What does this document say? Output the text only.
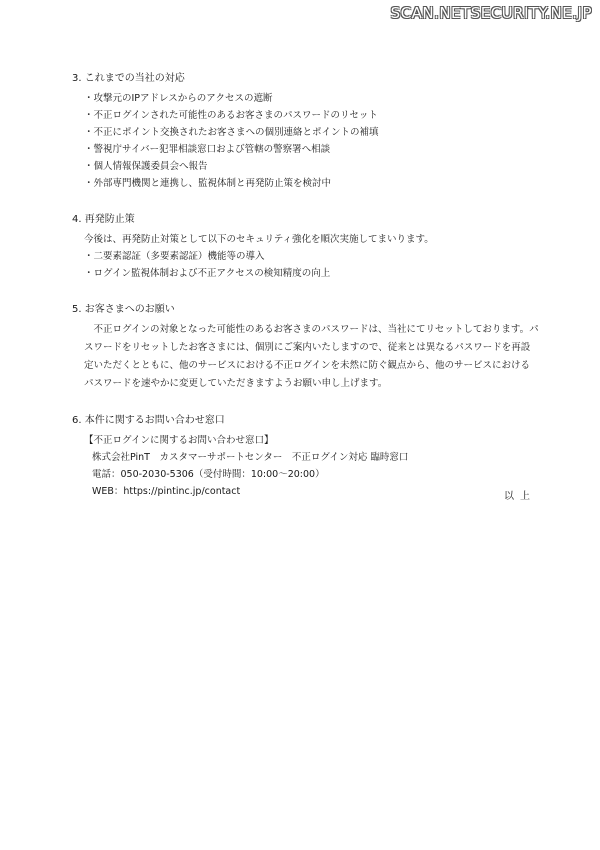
SCAN.NETSECURITY.NE.JP
3. これまでの当社の対応
・攻撃元のIPアドレスからのアクセスの遮断
・不正ログインされた可能性のあるお客さまのパスワードのリセット
・不正にポイント交換されたお客さまへの個別連絡とポイントの補填
・警視庁サイバー犯罪相談窓口および管轄の警察署へ相談
・個人情報保護委員会へ報告
・外部専門機関と連携し、監視体制と再発防止策を検討中
4. 再発防止策
今後は、再発防止対策として以下のセキュリティ強化を順次実施してまいります。
・二要素認証（多要素認証）機能等の導入
・ログイン監視体制および不正アクセスの検知精度の向上
5. お客さまへのお願い
　不正ログインの対象となった可能性のあるお客さまのパスワードは、当社にてリセットしております。パ
スワードをリセットしたお客さまには、個別にご案内いたしますので、従来とは異なるパスワードを再設
定いただくとともに、他のサービスにおける不正ログインを未然に防ぐ観点から、他のサービスにおける
パスワードを速やかに変更していただきますようお願い申し上げます。
6. 本件に関するお問い合わせ窓口
【不正ログインに関するお問い合わせ窓口】
株式会社PinT　カスタマーサポートセンター　不正ログイン対応 臨時窓口
電話：050-2030-5306（受付時間：10:00～20:00）
WEB：https://pintinc.jp/contact	以上
